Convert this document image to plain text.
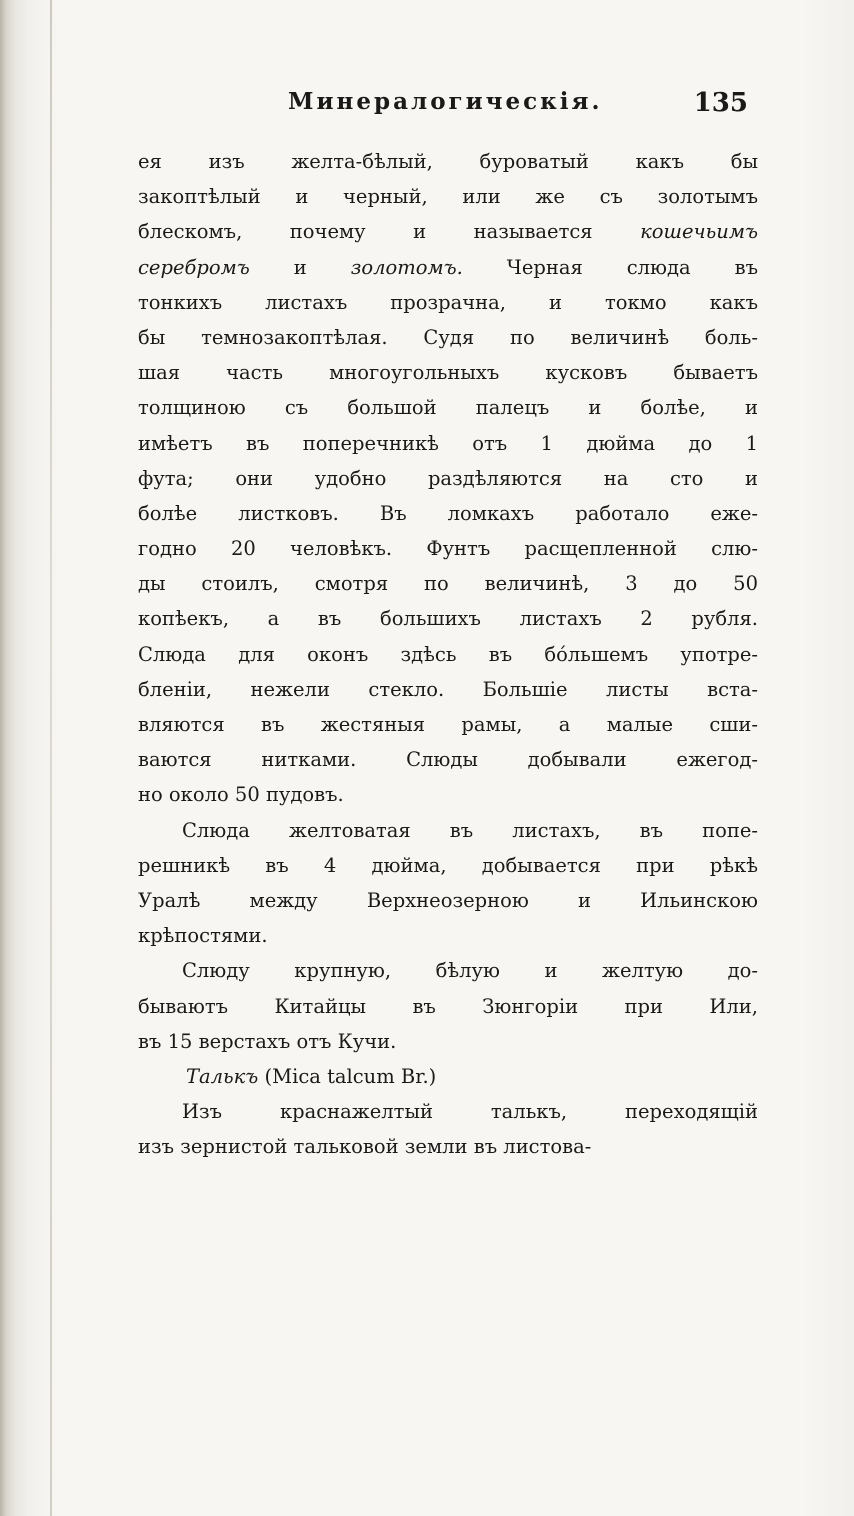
Минералогическія.	135
ея изъ желта-бѣлый, буроватый какъ бы
закоптѣлый и черный, или же съ золотымъ
блескомъ, почему и называется кошечьимъ
серебромъ и золотомъ. Черная слюда въ
тонкихъ листахъ прозрачна, и токмо какъ
бы темнозакоптѣлая. Судя по величинѣ боль-
шая часть многоугольныхъ кусковъ бываетъ
толщиною съ большой палецъ и болѣе, и
имѣетъ въ поперечникѣ отъ 1 дюйма до 1
фута; они удобно раздѣляются на сто и
болѣе листковъ. Въ ломкахъ работало еже-
годно 20 человѣкъ. Фунтъ расщепленной слю-
ды стоилъ, смотря по величинѣ, 3 до 50
копѣекъ, а въ большихъ листахъ 2 рубля.
Слюда для оконъ здѣсь въ бо́льшемъ употре-
бленіи, нежели стекло. Большіе листы вста-
вляются въ жестяныя рамы, а малые сши-
ваются нитками. Слюды добывали ежегод-
но около 50 пудовъ.
Слюда желтоватая въ листахъ, въ попе-
решникѣ въ 4 дюйма, добывается при рѣкѣ
Уралѣ между Верхнеозерною и Ильинскою
крѣпостями.
Слюду крупную, бѣлую и желтую до-
бываютъ Китайцы въ Зюнгоріи при Или,
въ 15 верстахъ отъ Кучи.
Талькъ (Mica talcum Br.)
Изъ краснажелтый талькъ, переходящій
изъ зернистой тальковой земли въ листова-
